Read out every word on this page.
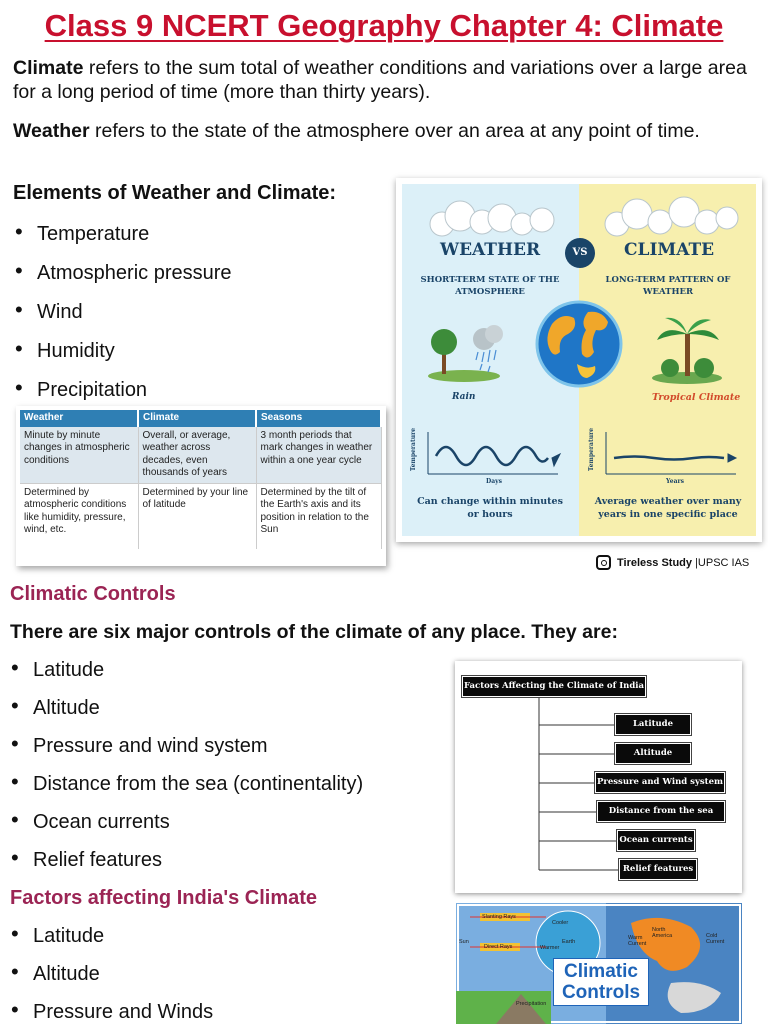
Class 9 NCERT Geography Chapter 4: Climate

Climate refers to the sum total of weather conditions and variations over a large area for a long period of time (more than thirty years).

Weather refers to the state of the atmosphere over an area at any point of time.

Elements of Weather and Climate:
• Temperature
• Atmospheric pressure
• Wind
• Humidity
• Precipitation
Weather	Climate	Seasons
Minute by minute changes in atmospheric conditions	Overall, or average, weather across decades, even thousands of years	3 month periods that mark changes in weather within a one year cycle
Determined by atmospheric conditions like humidity, pressure, wind, etc.	Determined by your line of latitude	Determined by the tilt of the Earth's axis and its position in relation to the Sun
WEATHER	VS	CLIMATE
SHORT-TERM STATE OF THE ATMOSPHERE
LONG-TERM PATTERN OF WEATHER
Rain	Tropical Climate
Temperature	Temperature
Days	Years
Can change within minutes or hours
Average weather over many years in one specific place
Tireless Study |UPSC IAS
Climatic Controls
There are six major controls of the climate of any place. They are:
• Latitude
• Altitude
• Pressure and wind system
• Distance from the sea (continentality)
• Ocean currents
• Relief features
Factors Affecting the Climate of India
Latitude
Altitude
Pressure and Wind system
Distance from the sea
Ocean currents
Relief features
Factors affecting India's Climate
• Latitude
• Altitude
• Pressure and Winds
Slanting Rays
Sun
Direct Rays
Cooler
Warmer
Earth
North America
Warm Current
Cold Current
Precipitation
Climatic
Controls
